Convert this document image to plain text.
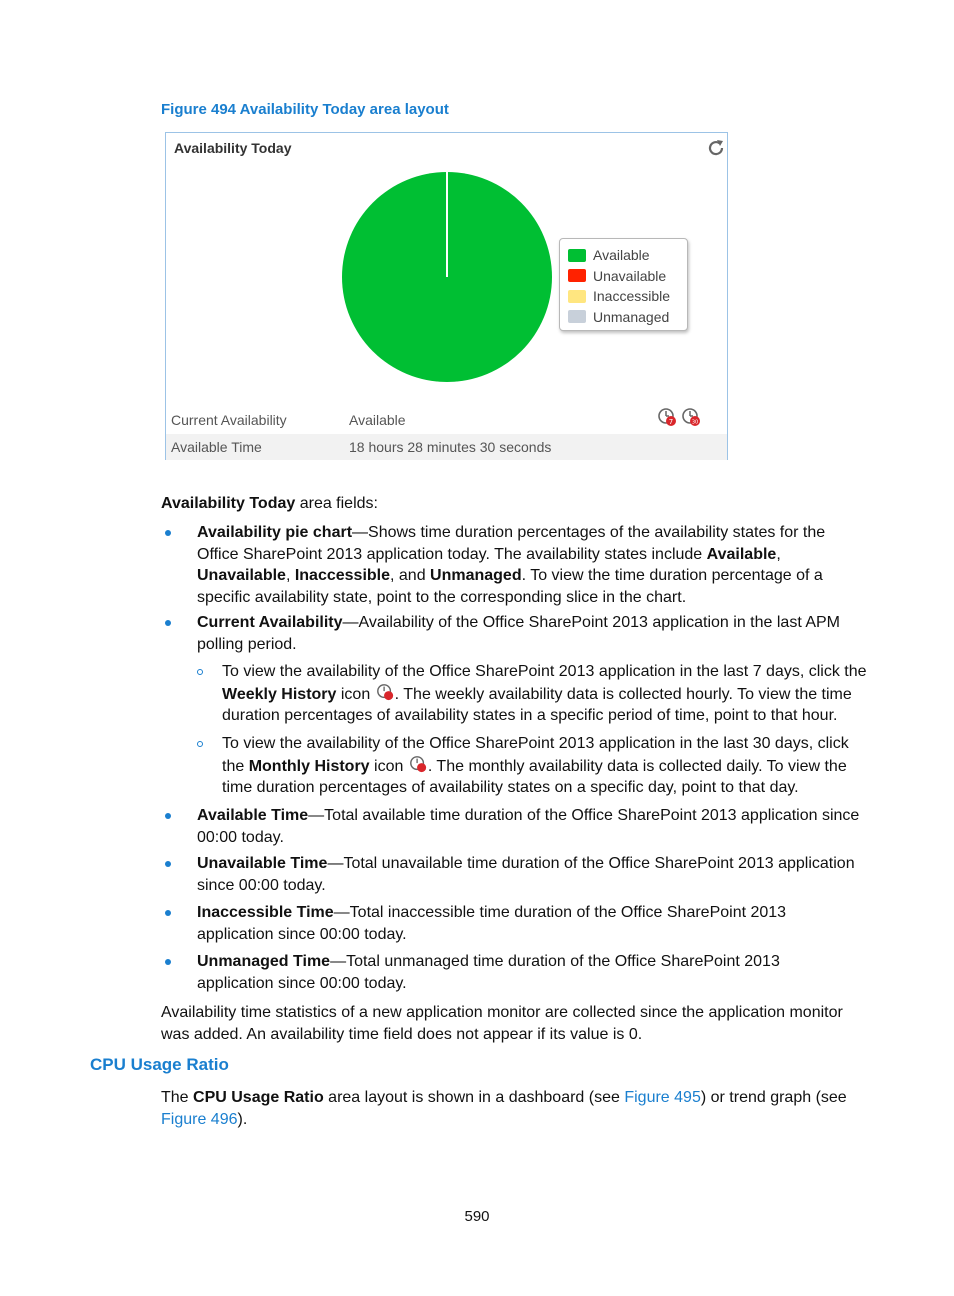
Figure 494 Availability Today area layout
Availability Today
Available
Unavailable
Inaccessible
Unmanaged
Current Availability	Available	7	30
Available Time	18 hours 28 minutes 30 seconds
Availability Today area fields:
Availability pie chart—Shows time duration percentages of the availability states for the Office SharePoint 2013 application today. The availability states include Available, Unavailable, Inaccessible, and Unmanaged. To view the time duration percentage of a specific availability state, point to the corresponding slice in the chart.
Current Availability—Availability of the Office SharePoint 2013 application in the last APM polling period.
To view the availability of the Office SharePoint 2013 application in the last 7 days, click the Weekly History icon . The weekly availability data is collected hourly. To view the time duration percentages of availability states in a specific period of time, point to that hour.
To view the availability of the Office SharePoint 2013 application in the last 30 days, click the Monthly History icon . The monthly availability data is collected daily. To view the time duration percentages of availability states on a specific day, point to that day.
Available Time—Total available time duration of the Office SharePoint 2013 application since 00:00 today.
Unavailable Time—Total unavailable time duration of the Office SharePoint 2013 application since 00:00 today.
Inaccessible Time—Total inaccessible time duration of the Office SharePoint 2013 application since 00:00 today.
Unmanaged Time—Total unmanaged time duration of the Office SharePoint 2013 application since 00:00 today.
Availability time statistics of a new application monitor are collected since the application monitor was added. An availability time field does not appear if its value is 0.
CPU Usage Ratio
The CPU Usage Ratio area layout is shown in a dashboard (see Figure 495) or trend graph (see Figure 496).
590
